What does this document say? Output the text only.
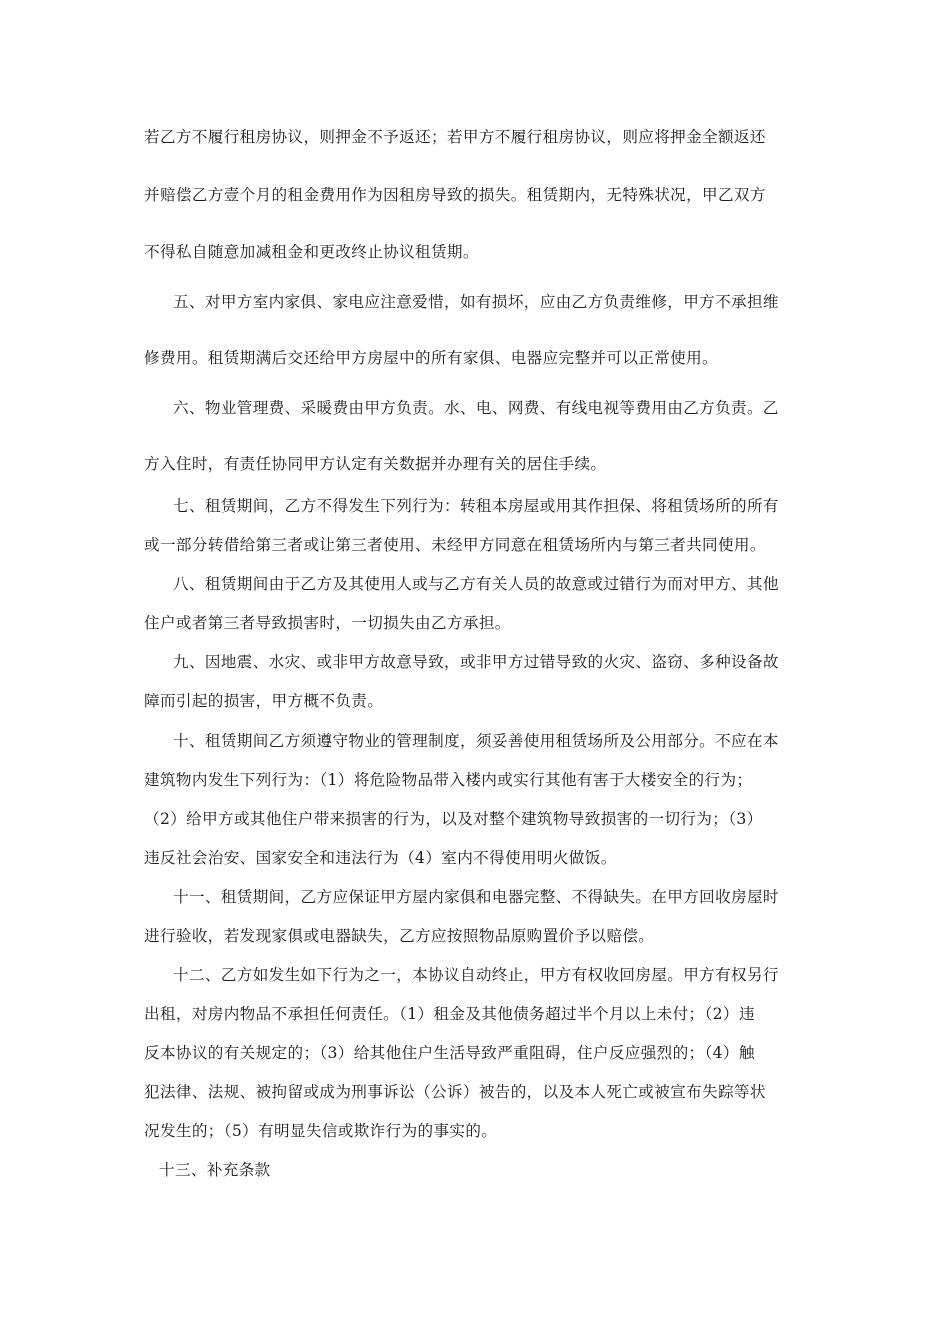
若乙方不履行租房协议，则押金不予返还；若甲方不履行租房协议，则应将押金全额返还
并赔偿乙方壹个月的租金费用作为因租房导致的损失。租赁期内，无特殊状况，甲乙双方
不得私自随意加减租金和更改终止协议租赁期。
五、对甲方室内家俱、家电应注意爱惜，如有损坏，应由乙方负责维修，甲方不承担维
修费用。租赁期满后交还给甲方房屋中的所有家俱、电器应完整并可以正常使用。
六、物业管理费、采暖费由甲方负责。水、电、网费、有线电视等费用由乙方负责。乙
方入住时，有责任协同甲方认定有关数据并办理有关的居住手续。
七、租赁期间，乙方不得发生下列行为：转租本房屋或用其作担保、将租赁场所的所有
或一部分转借给第三者或让第三者使用、未经甲方同意在租赁场所内与第三者共同使用。
八、租赁期间由于乙方及其使用人或与乙方有关人员的故意或过错行为而对甲方、其他
住户或者第三者导致损害时，一切损失由乙方承担。
九、因地震、水灾、或非甲方故意导致，或非甲方过错导致的火灾、盗窃、多种设备故
障而引起的损害，甲方概不负责。
十、租赁期间乙方须遵守物业的管理制度，须妥善使用租赁场所及公用部分。不应在本
建筑物内发生下列行为：（1）将危险物品带入楼内或实行其他有害于大楼安全的行为；
（2）给甲方或其他住户带来损害的行为，以及对整个建筑物导致损害的一切行为；（3）
违反社会治安、国家安全和违法行为（4）室内不得使用明火做饭。
十一、租赁期间，乙方应保证甲方屋内家俱和电器完整、不得缺失。在甲方回收房屋时
进行验收，若发现家俱或电器缺失，乙方应按照物品原购置价予以赔偿。
十二、乙方如发生如下行为之一，本协议自动终止，甲方有权收回房屋。甲方有权另行
出租，对房内物品不承担任何责任。（1）租金及其他债务超过半个月以上未付；（2）违
反本协议的有关规定的；（3）给其他住户生活导致严重阻碍，住户反应强烈的；（4）触
犯法律、法规、被拘留或成为刑事诉讼（公诉）被告的，以及本人死亡或被宣布失踪等状
况发生的；（5）有明显失信或欺诈行为的事实的。
十三、补充条款
